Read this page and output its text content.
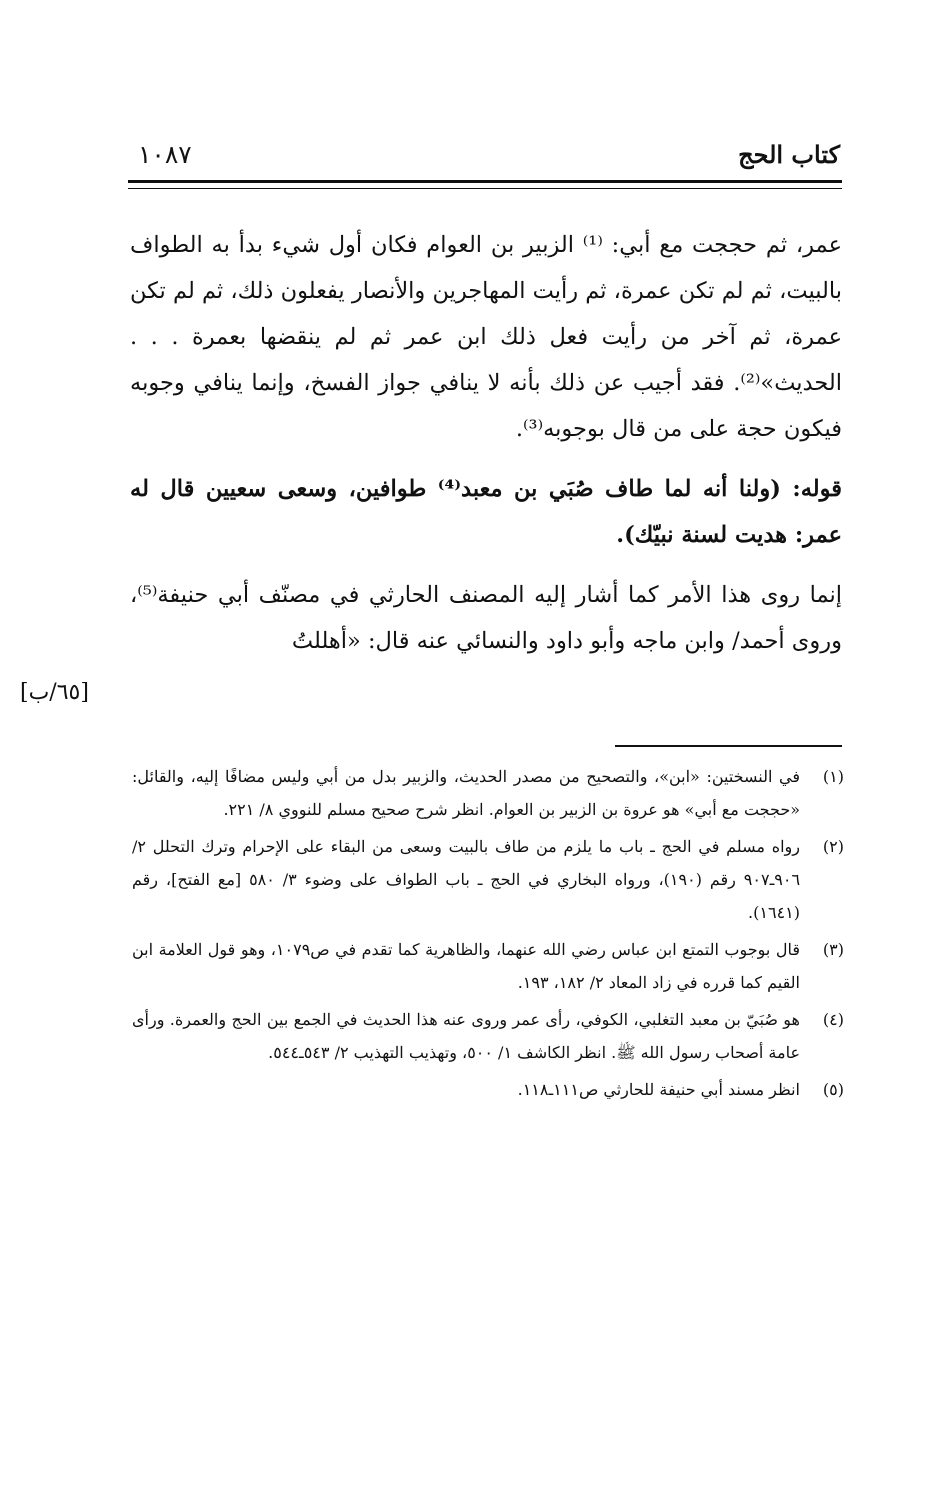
كتاب الحج
١٠٨٧

عمر، ثم حججت مع أبي: ⁽¹⁾ الزبير بن العوام فكان أول شيء بدأ به الطواف بالبيت، ثم لم تكن عمرة، ثم رأيت المهاجرين والأنصار يفعلون ذلك، ثم لم تكن عمرة، ثم آخر من رأيت فعل ذلك ابن عمر ثم لم ينقضها بعمرة . . . الحديث»⁽²⁾. فقد أجيب عن ذلك بأنه لا ينافي جواز الفسخ، وإنما ينافي وجوبه فيكون حجة على من قال بوجوبه⁽³⁾.

قوله: (ولنا أنه لما طاف صُبَي بن معبد⁽⁴⁾ طوافين، وسعى سعيين قال له عمر: هديت لسنة نبيّك).

إنما روى هذا الأمر كما أشار إليه المصنف الحارثي في مصنّف أبي حنيفة⁽⁵⁾، وروى أحمد/ وابن ماجه وأبو داود والنسائي عنه قال: «أهللتُ

[٦٥/ب]
(١)
في النسختين: «ابن»، والتصحيح من مصدر الحديث، والزبير بدل من أبي وليس مضافًا إليه، والقائل: «حججت مع أبي» هو عروة بن الزبير بن العوام. انظر شرح صحيح مسلم للنووي ٨/ ٢٢١.
(٢)
رواه مسلم في الحج ـ باب ما يلزم من طاف بالبيت وسعى من البقاء على الإحرام وترك التحلل ٢/ ٩٠٦ـ٩٠٧ رقم (١٩٠)، ورواه البخاري في الحج ـ باب الطواف على وضوء ٣/ ٥٨٠ [مع الفتح]، رقم (١٦٤١).
(٣)
قال بوجوب التمتع ابن عباس رضي الله عنهما، والظاهرية كما تقدم في ص١٠٧٩، وهو قول العلامة ابن القيم كما قرره في زاد المعاد ٢/ ١٨٢، ١٩٣.
(٤)
هو صُبَيّ بن معبد التغلبي، الكوفي، رأى عمر وروى عنه هذا الحديث في الجمع بين الحج والعمرة. ورأى عامة أصحاب رسول الله ﷺ. انظر الكاشف ١/ ٥٠٠، وتهذيب التهذيب ٢/ ٥٤٣ـ٥٤٤.
(٥)
انظر مسند أبي حنيفة للحارثي ص١١١ـ١١٨.
